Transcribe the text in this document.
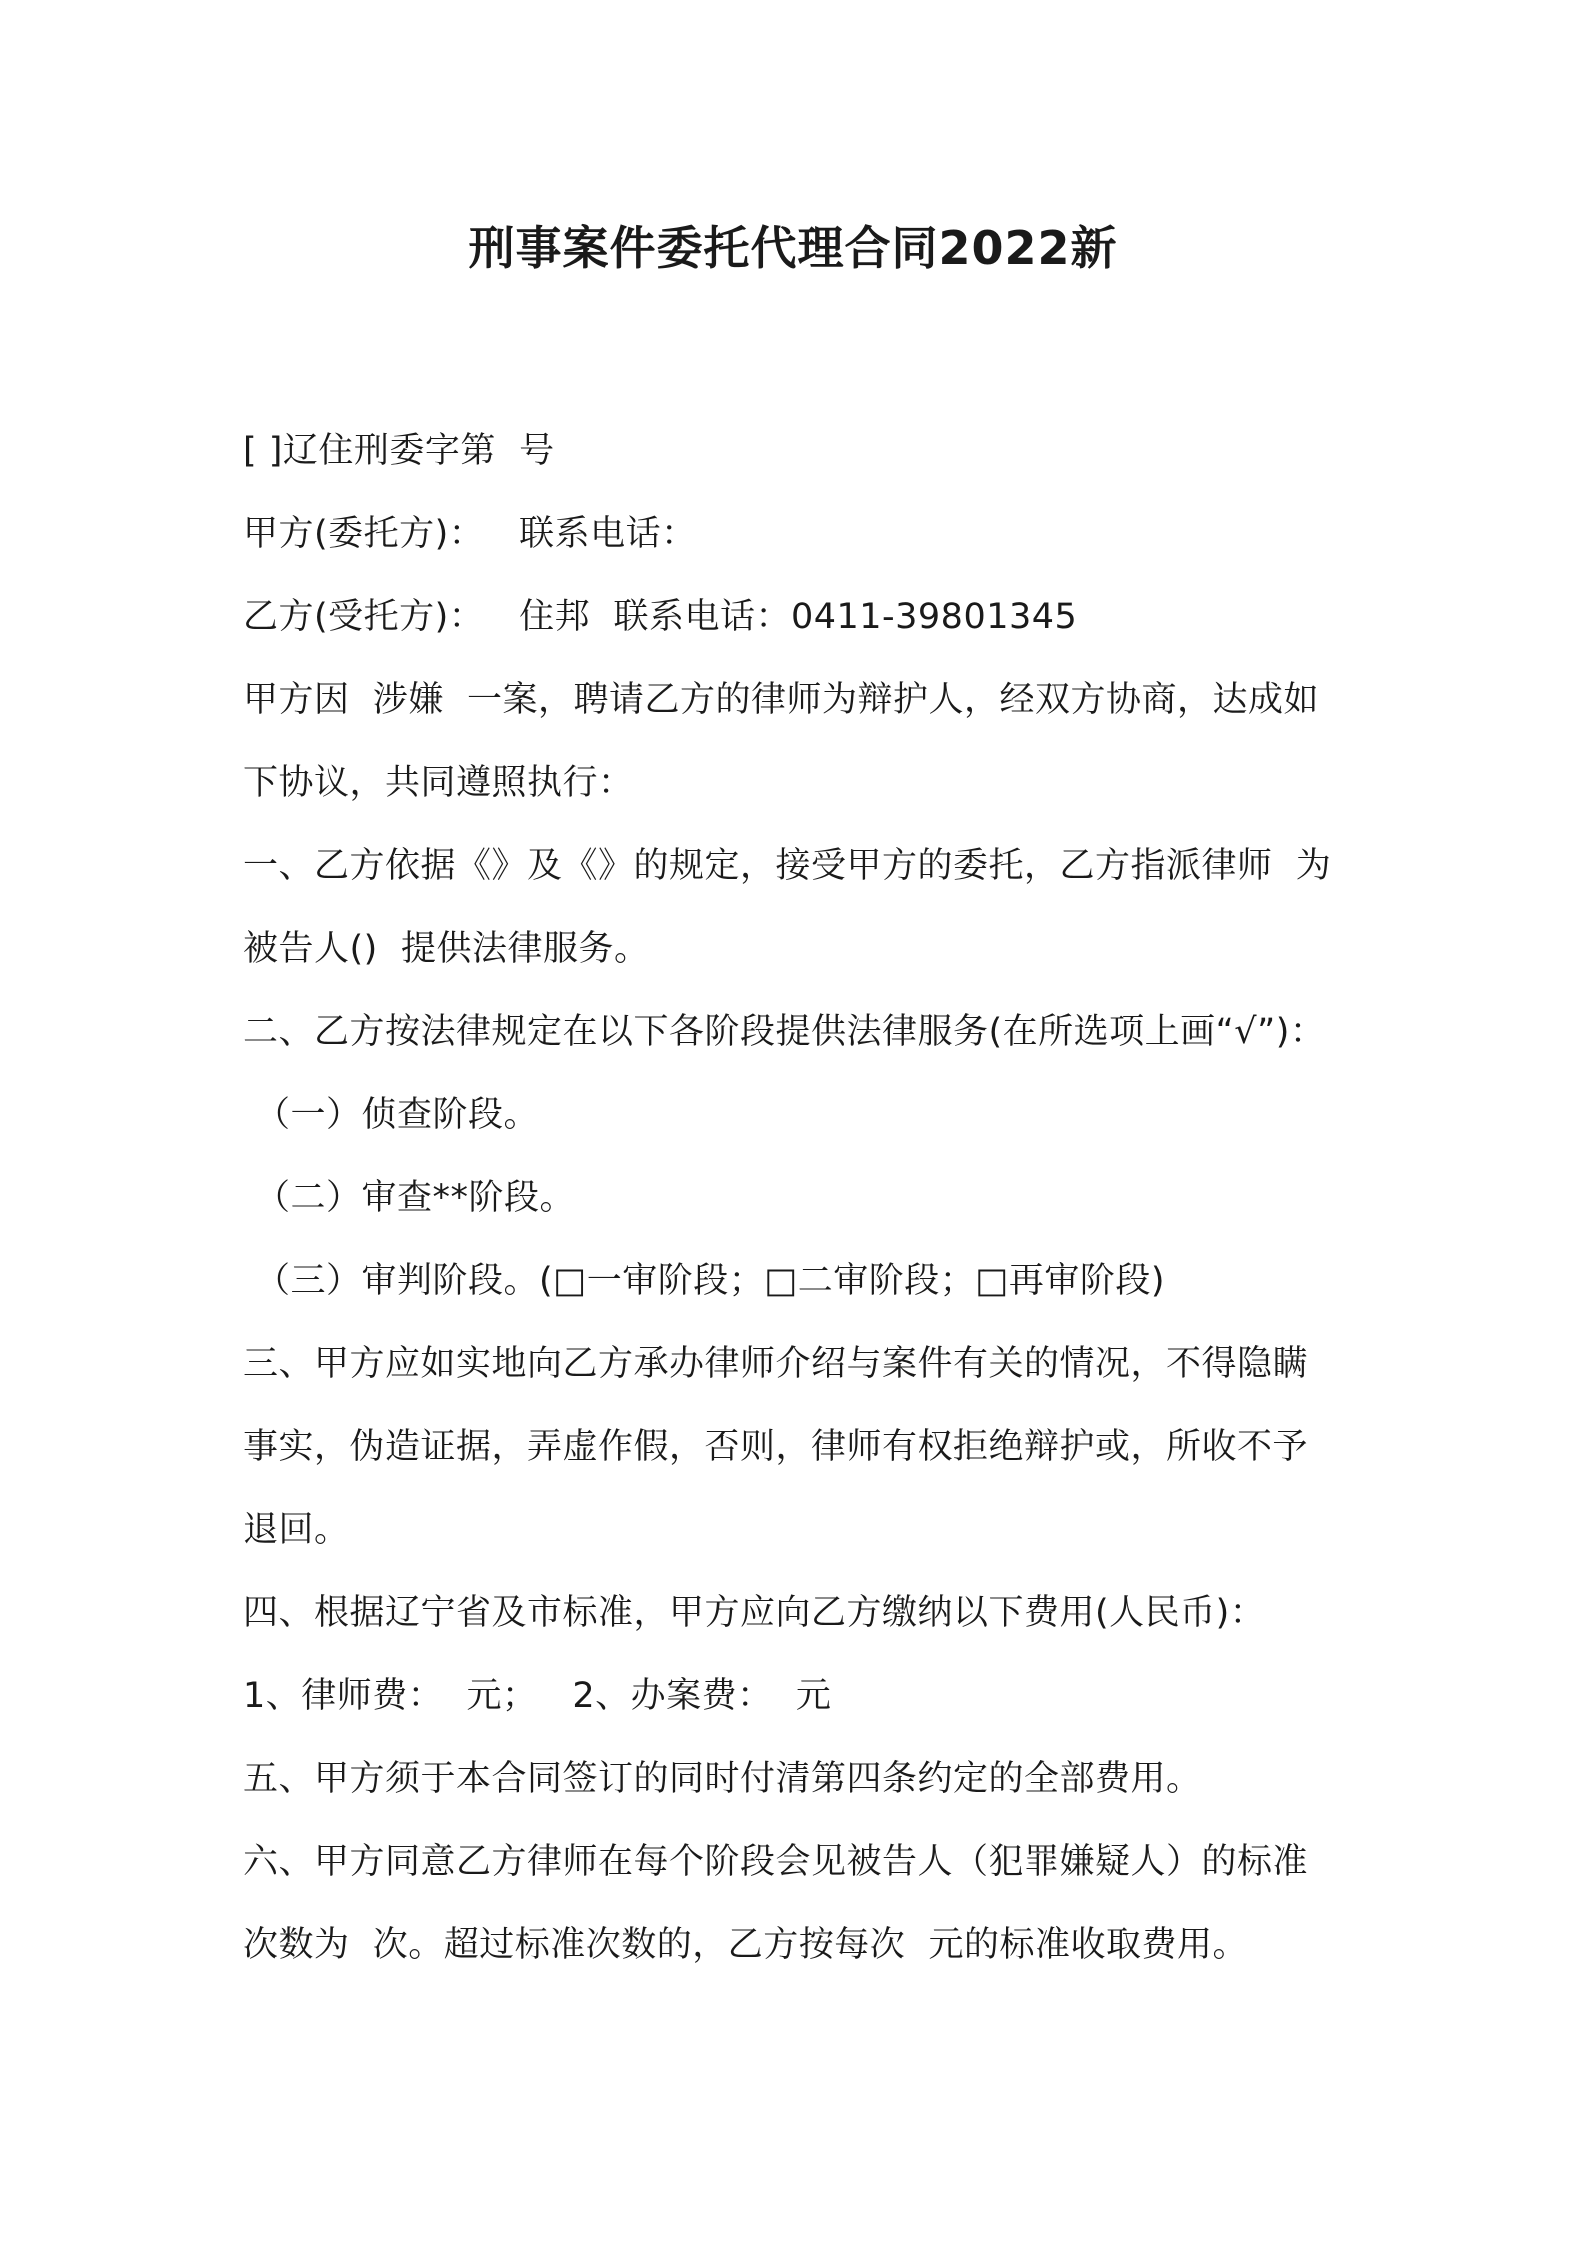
刑事案件委托代理合同2022新
[ ]辽住刑委字第  号
甲方(委托方)：   联系电话：
乙方(受托方)：   住邦  联系电话：0411-39801345
甲方因  涉嫌  一案，聘请乙方的律师为辩护人，经双方协商，达成如
下协议，共同遵照执行：
一、乙方依据《》及《》的规定，接受甲方的委托，乙方指派律师  为
被告人()  提供法律服务。
二、乙方按法律规定在以下各阶段提供法律服务(在所选项上画“√”)：
（一）侦查阶段。
（二）审查**阶段。
（三）审判阶段。(□一审阶段；□二审阶段；□再审阶段)
三、甲方应如实地向乙方承办律师介绍与案件有关的情况，不得隐瞒
事实，伪造证据，弄虚作假，否则，律师有权拒绝辩护或，所收不予
退回。
四、根据辽宁省及市标准，甲方应向乙方缴纳以下费用(人民币)：
1、律师费：  元；   2、办案费：  元
五、甲方须于本合同签订的同时付清第四条约定的全部费用。
六、甲方同意乙方律师在每个阶段会见被告人（犯罪嫌疑人）的标准
次数为  次。超过标准次数的，乙方按每次  元的标准收取费用。
